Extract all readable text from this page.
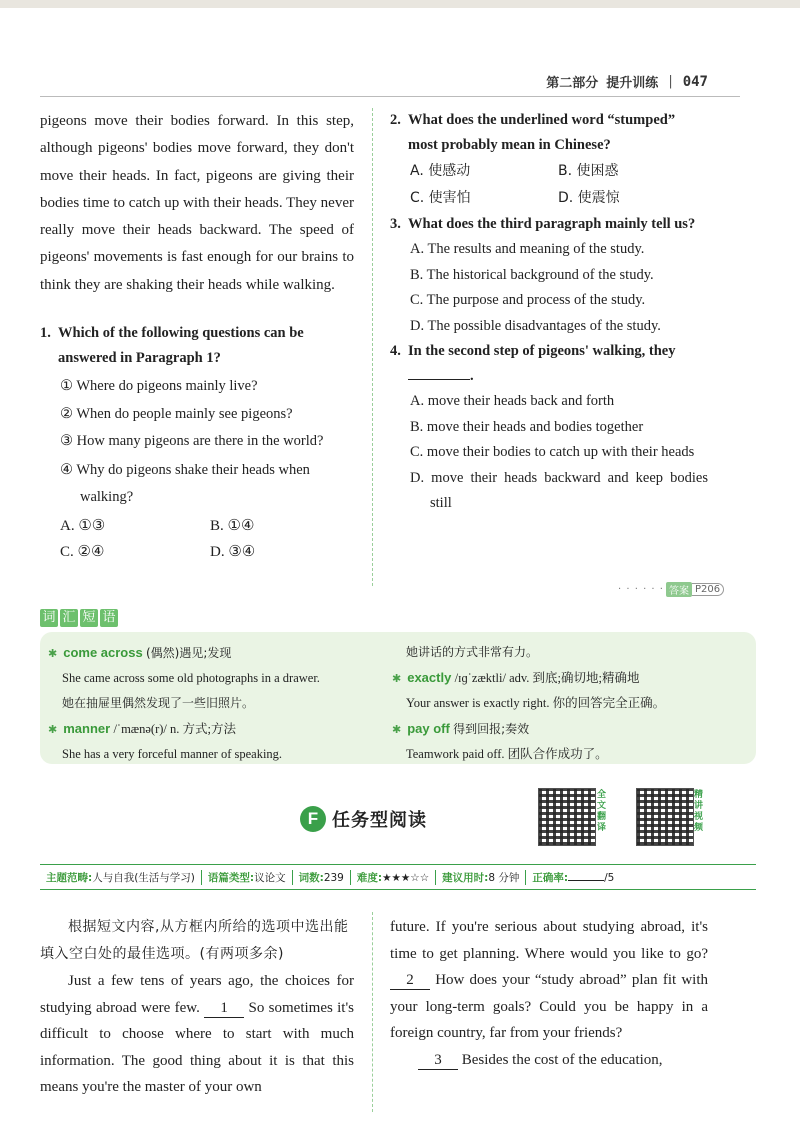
第二部分 提升训练 | 047

pigeons move their bodies forward. In this step, although pigeons' bodies move forward, they don't move their heads. In fact, pigeons are giving their bodies time to catch up with their heads. They never really move their heads backward. The speed of pigeons' movements is fast enough for our brains to think they are shaking their heads while walking.

1. Which of the following questions can be answered in Paragraph 1?
① Where do pigeons mainly live?
② When do people mainly see pigeons?
③ How many pigeons are there in the world?
④ Why do pigeons shake their heads when walking?
A. ①③	B. ①④
C. ②④	D. ③④
2. What does the underlined word “stumped” most probably mean in Chinese?
A. 使感动	B. 使困惑
C. 使害怕	D. 使震惊
3. What does the third paragraph mainly tell us?
A. The results and meaning of the study.
B. The historical background of the study.
C. The purpose and process of the study.
D. The possible disadvantages of the study.
4. In the second step of pigeons' walking, they .
A. move their heads back and forth
B. move their heads and bodies together
C. move their bodies to catch up with their heads
D. move their heads backward and keep bodies still
· · · · · · 答案 P206
词 汇 短 语
✱ come across (偶然)遇见;发现
She came across some old photographs in a drawer.
她在抽屉里偶然发现了一些旧照片。
✱ manner /ˈmænə(r)/ n. 方式;方法
She has a very forceful manner of speaking.
她讲话的方式非常有力。
✱ exactly /ɪɡˈzæktli/ adv. 到底;确切地;精确地
Your answer is exactly right. 你的回答完全正确。
✱ pay off 得到回报;奏效
Teamwork paid off. 团队合作成功了。
F 任务型阅读
全
文
翻
译
精
讲
视
频
主题范畴:人与自我(生活与学习)	语篇类型:议论文	词数:239	难度:★★★☆☆	建议用时:8 分钟	正确率:	/5

根据短文内容,从方框内所给的选项中选出能填入空白处的最佳选项。(有两项多余)

Just a few tens of years ago, the choices for studying abroad were few. 1 So sometimes it's difficult to choose where to start with much information. The good thing about it is that this means you're the master of your own

future. If you're serious about studying abroad, it's time to get planning. Where would you like to go? 2 How does your “study abroad” plan fit with your long-term goals? Could you be happy in a foreign country, far from your friends?

3 Besides the cost of the education,
